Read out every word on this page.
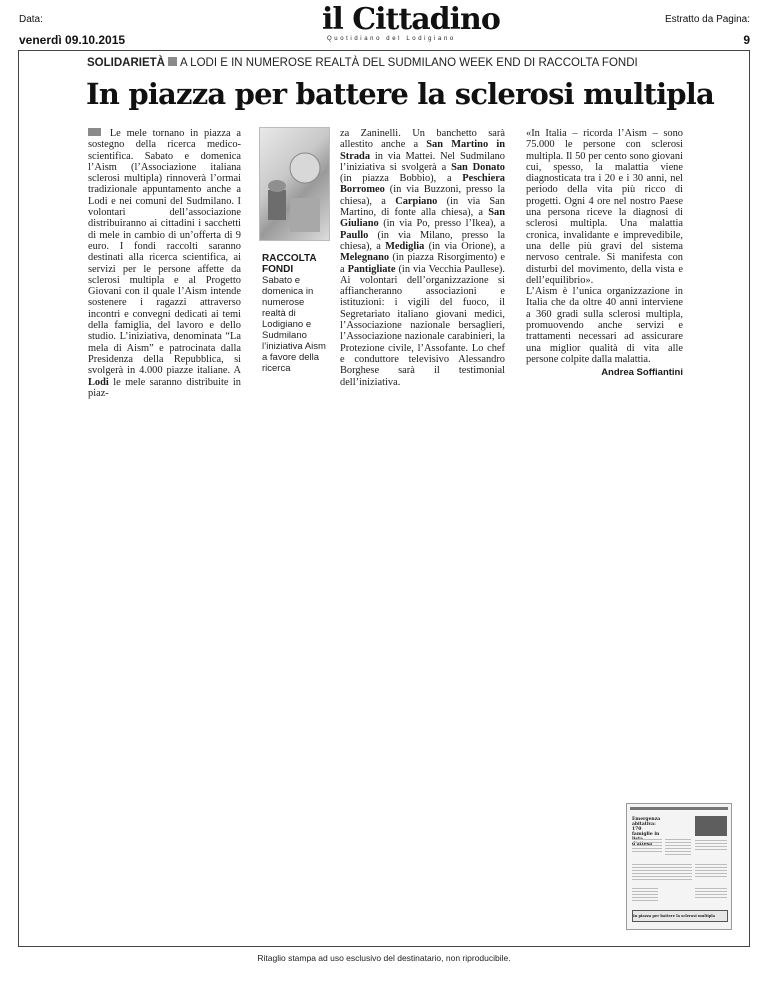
Data:
venerdì 09.10.2015
il Cittadino
Quotidiano del Lodigiano
Estratto da Pagina:
9
SOLIDARIETÀ A LODI E IN NUMEROSE REALTÀ DEL SUDMILANO WEEK END DI RACCOLTA FONDI
In piazza per battere la sclerosi multipla

Le mele tornano in piazza a sostegno della ricerca medico-scientifica. Sabato e domenica l’Aism (l’Associazione italiana sclerosi multipla) rinnoverà l’ormai tradizionale appuntamento anche a Lodi e nei comuni del Sudmilano. I volontari dell’associazione distribuiranno ai cittadini i sacchetti di mele in cambio di un’offerta di 9 euro. I fondi raccolti saranno destinati alla ricerca scientifica, ai servizi per le persone affette da sclerosi multipla e al Progetto Giovani con il quale l’Aism intende sostenere i ragazzi attraverso incontri e convegni dedicati ai temi della famiglia, del lavoro e dello studio. L’iniziativa, denominata “La mela di Aism” e patrocinata dalla Presidenza della Repubblica, si svolgerà in 4.000 piazze italiane. A Lodi le mele saranno distribuite in piaz-

RACCOLTA FONDI
Sabato e domenica in numerose realtà di Lodigiano e Sudmilano l’iniziativa Aism a favore della ricerca

za Zaninelli. Un banchetto sarà allestito anche a San Martino in Strada in via Mattei. Nel Sudmilano l’iniziativa si svolgerà a San Donato (in piazza Bobbio), a Peschiera Borromeo (in via Buzzoni, presso la chiesa), a Carpiano (in via San Martino, di fonte alla chiesa), a San Giuliano (in via Po, presso l’Ikea), a Paullo (in via Milano, presso la chiesa), a Mediglia (in via Orione), a Melegnano (in piazza Risorgimento) e a Pantigliate (in via Vecchia Paullese). Ai volontari dell’organizzazione si affiancheranno associazioni e istituzioni: i vigili del fuoco, il Segretariato italiano giovani medici, l’Associazione nazionale bersaglieri, l’Associazione nazionale carabinieri, la Protezione civile, l’Assofante. Lo chef e conduttore televisivo Alessandro Borghese sarà il testimonial dell’iniziativa.

«In Italia – ricorda l’Aism – sono 75.000 le persone con sclerosi multipla. Il 50 per cento sono giovani cui, spesso, la malattia viene diagnosticata tra i 20 e i 30 anni, nel periodo della vita più ricco di progetti. Ogni 4 ore nel nostro Paese una persona riceve la diagnosi di sclerosi multipla. Una malattia cronica, invalidante e imprevedibile, una delle più gravi del sistema nervoso centrale. Si manifesta con disturbi del movimento, della vista e dell’equilibrio».

L’Aism è l’unica organizzazione in Italia che da oltre 40 anni interviene a 360 gradi sulla sclerosi multipla, promuovendo anche servizi e trattamenti necessari ad assicurare una miglior qualità di vita alle persone colpite dalla malattia.

Andrea Soffiantini
Emergenza abitativa: 170 famiglie in
In piazza per battere la sclerosi multipla
Ritaglio stampa ad uso esclusivo del destinatario, non riproducibile.
